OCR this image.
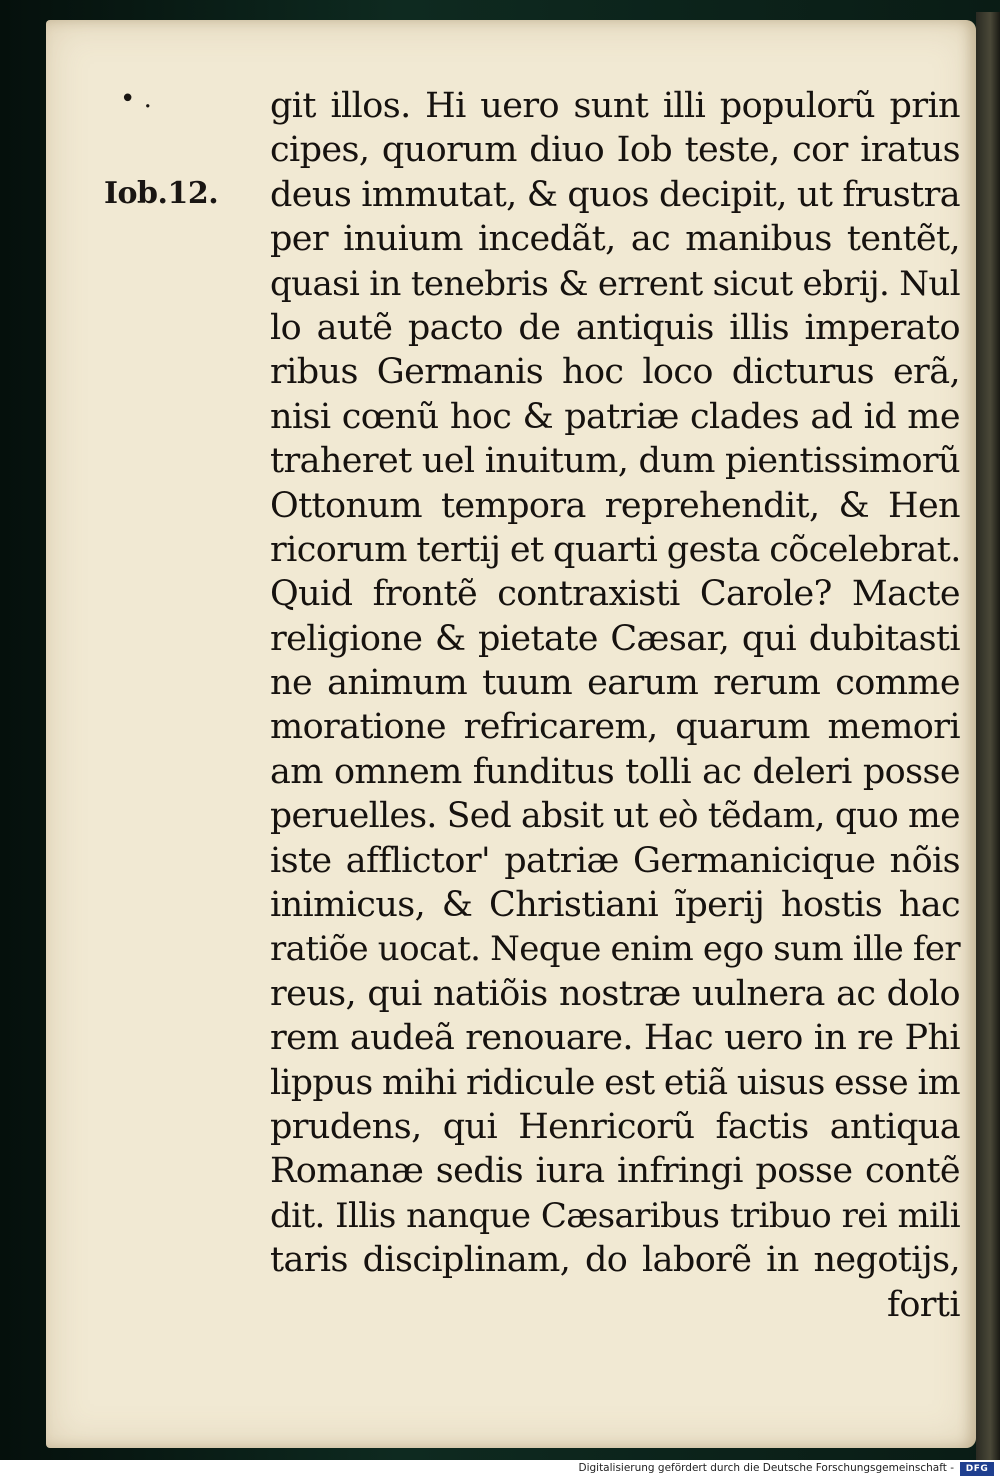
• .
Iob.12.
git illos. Hi uero sunt illi populorũ prin
cipes, quorum diuo Iob teste, cor iratus
deus immutat, & quos decipit, ut frustra
per inuium incedãt, ac manibus tentẽt,
quasi in tenebris & errent sicut ebrij. Nul
lo autẽ pacto de antiquis illis imperato
ribus Germanis hoc loco dicturus erã,
nisi cœnũ hoc & patriæ clades ad id me
traheret uel inuitum, dum pientissimorũ
Ottonum tempora reprehendit, & Hen
ricorum tertij et quarti gesta cõcelebrat.
Quid frontẽ contraxisti Carole? Macte
religione & pietate Cæsar, qui dubitasti
ne animum tuum earum rerum comme
moratione refricarem, quarum memori
am omnem funditus tolli ac deleri posse
peruelles. Sed absit ut eò tẽdam, quo me
iste afflictor' patriæ Germanicique nõis
inimicus, & Christiani ĩperij hostis hac
ratiõe uocat. Neque enim ego sum ille fer
reus, qui natiõis nostræ uulnera ac dolo
rem audeã renouare. Hac uero in re Phi
lippus mihi ridicule est etiã uisus esse im
prudens, qui Henricorũ factis antiqua
Romanæ sedis iura infringi posse contẽ
dit. Illis nanque Cæsaribus tribuo rei mili
taris disciplinam, do laborẽ in negotijs,
forti
Digitalisierung gefördert durch die Deutsche Forschungsgemeinschaft -	DFG
